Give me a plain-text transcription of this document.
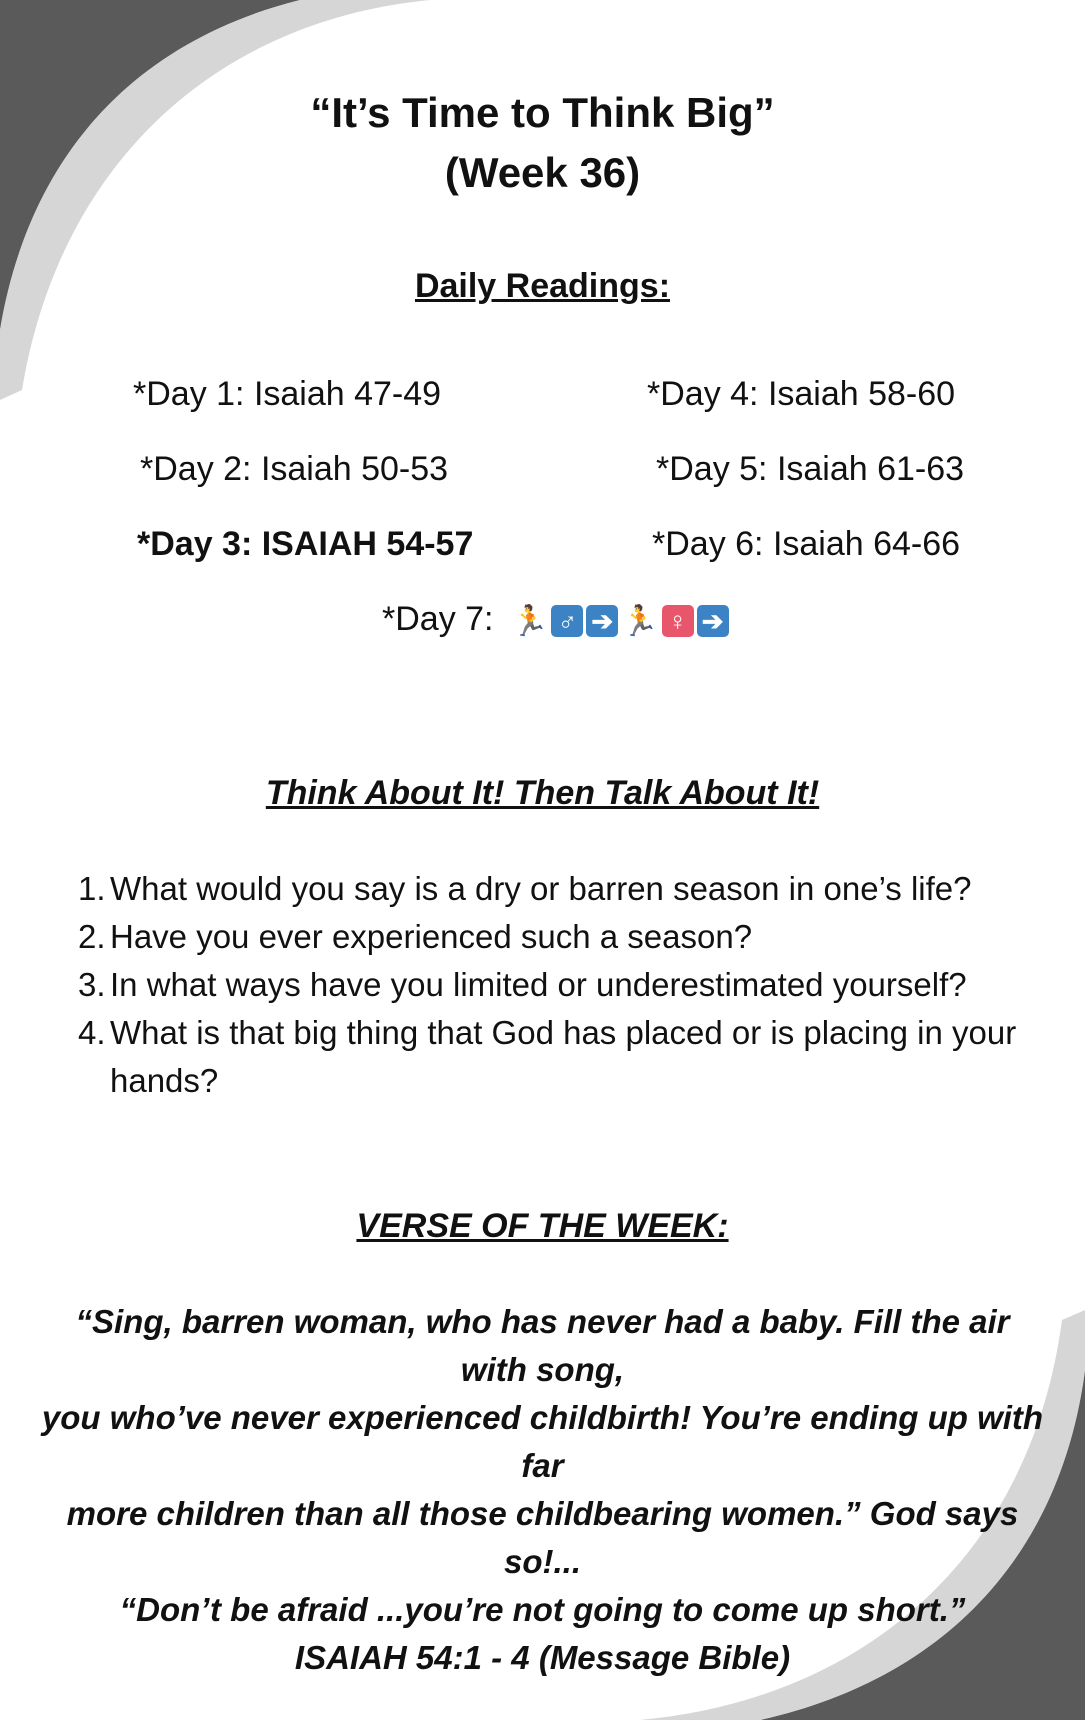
“It’s Time to Think Big”
(Week 36)
Daily Readings:
*Day 1: Isaiah 47-49
*Day 2: Isaiah 50-53
*Day 3: ISAIAH 54-57
*Day 4: Isaiah 58-60
*Day 5: Isaiah 61-63
*Day 6: Isaiah 64-66
*Day 7: 🏃 ♂ ➔ 🏃 ♀ ➔
Think About It! Then Talk About It!
1. What would you say is a dry or barren season in one’s life?
2. Have you ever experienced such a season?
3. In what ways have you limited or underestimated yourself?
4. What is that big thing that God has placed or is placing in your hands?
VERSE OF THE WEEK:
“Sing, barren woman, who has never had a baby. Fill the air with song,
you who’ve never experienced childbirth! You’re ending up with far
more children than all those childbearing women.” God says so!...
“Don’t be afraid ...you’re not going to come up short.”
ISAIAH 54:1 - 4 (Message Bible)
